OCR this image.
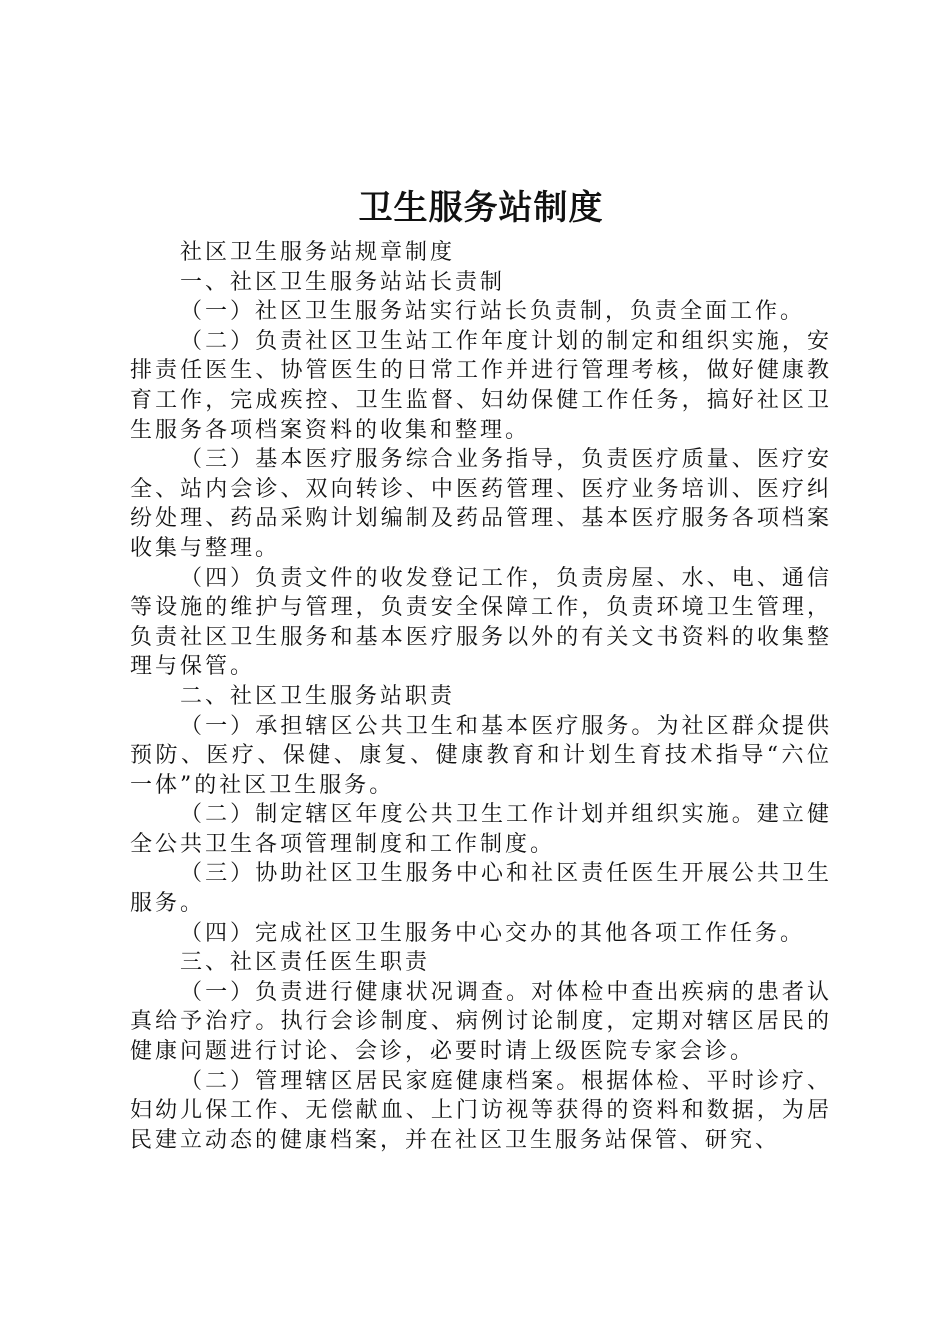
卫生服务站制度

社区卫生服务站规章制度

一、社区卫生服务站站长责制

（一）社区卫生服务站实行站长负责制，负责全面工作。

（二）负责社区卫生站工作年度计划的制定和组织实施，安排责任医生、协管医生的日常工作并进行管理考核，做好健康教育工作，完成疾控、卫生监督、妇幼保健工作任务，搞好社区卫生服务各项档案资料的收集和整理。

（三）基本医疗服务综合业务指导，负责医疗质量、医疗安全、站内会诊、双向转诊、中医药管理、医疗业务培训、医疗纠纷处理、药品采购计划编制及药品管理、基本医疗服务各项档案收集与整理。

（四）负责文件的收发登记工作，负责房屋、水、电、通信等设施的维护与管理，负责安全保障工作，负责环境卫生管理，负责社区卫生服务和基本医疗服务以外的有关文书资料的收集整理与保管。

二、社区卫生服务站职责

（一）承担辖区公共卫生和基本医疗服务。为社区群众提供预防、医疗、保健、康复、健康教育和计划生育技术指导“六位一体”的社区卫生服务。

（二）制定辖区年度公共卫生工作计划并组织实施。建立健全公共卫生各项管理制度和工作制度。

（三）协助社区卫生服务中心和社区责任医生开展公共卫生服务。

（四）完成社区卫生服务中心交办的其他各项工作任务。

三、社区责任医生职责

（一）负责进行健康状况调查。对体检中查出疾病的患者认真给予治疗。执行会诊制度、病例讨论制度，定期对辖区居民的健康问题进行讨论、会诊，必要时请上级医院专家会诊。

（二）管理辖区居民家庭健康档案。根据体检、平时诊疗、妇幼儿保工作、无偿献血、上门访视等获得的资料和数据，为居民建立动态的健康档案，并在社区卫生服务站保管、研究、
